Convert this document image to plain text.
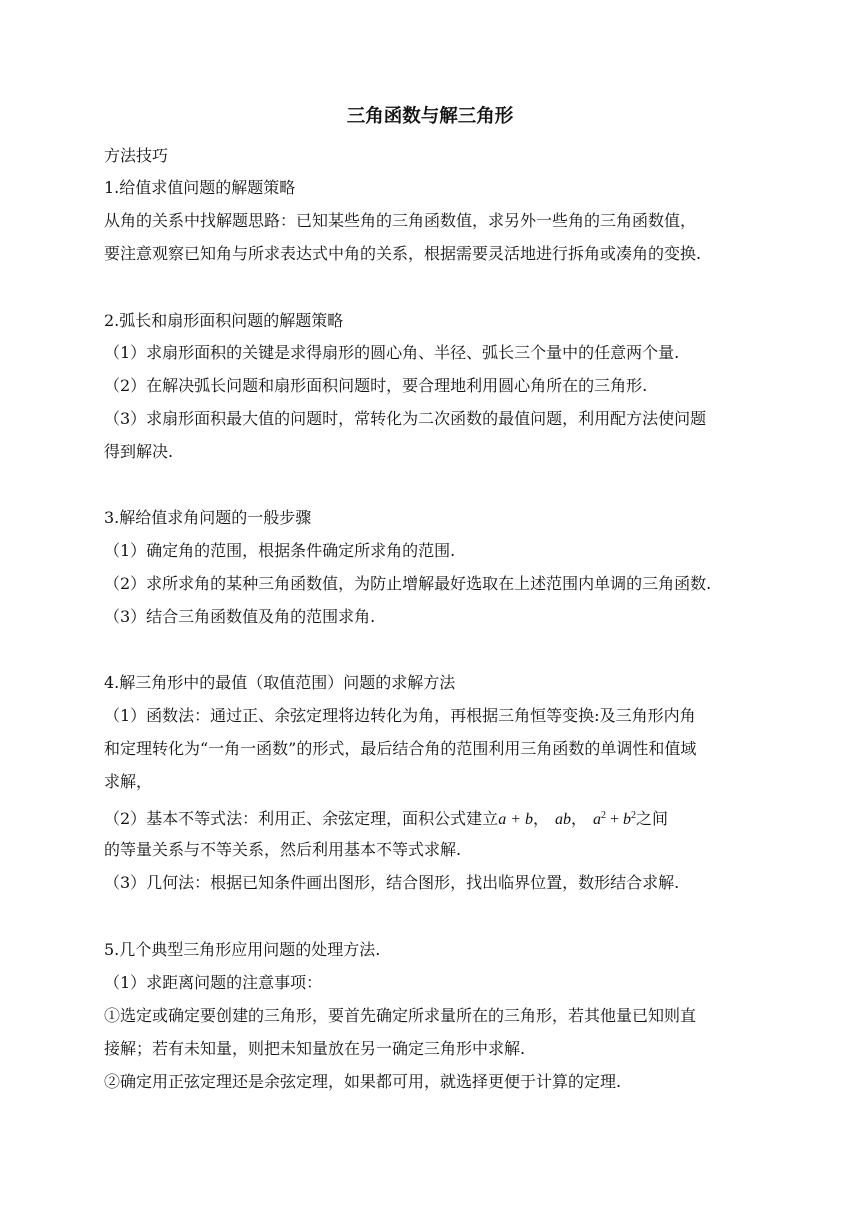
三角函数与解三角形

方法技巧

1.给值求值问题的解题策略

从角的关系中找解题思路：已知某些角的三角函数值，求另外一些角的三角函数值，

要注意观察已知角与所求表达式中角的关系，根据需要灵活地进行拆角或凑角的变换.

2.弧长和扇形面积问题的解题策略

（1）求扇形面积的关键是求得扇形的圆心角、半径、弧长三个量中的任意两个量.

（2）在解决弧长问题和扇形面积问题时，要合理地利用圆心角所在的三角形.

（3）求扇形面积最大值的问题时，常转化为二次函数的最值问题，利用配方法使问题

得到解决.

3.解给值求角问题的一般步骤

（1）确定角的范围，根据条件确定所求角的范围.

（2）求所求角的某种三角函数值，为防止增解最好选取在上述范围内单调的三角函数.

（3）结合三角函数值及角的范围求角.

4.解三角形中的最值（取值范围）问题的求解方法

（1）函数法：通过正、余弦定理将边转化为角，再根据三角恒等变换:及三角形内角

和定理转化为“一角一函数”的形式，最后结合角的范围利用三角函数的单调性和值域

求解，

（2）基本不等式法：利用正、余弦定理，面积公式建立a + b， ab， $a^2 + b^2$之间

的等量关系与不等关系，然后利用基本不等式求解.

（3）几何法：根据已知条件画出图形，结合图形，找出临界位置，数形结合求解.

5.几个典型三角形应用问题的处理方法.

（1）求距离问题的注意事项：

①选定或确定要创建的三角形，要首先确定所求量所在的三角形，若其他量已知则直

接解；若有未知量，则把未知量放在另一确定三角形中求解.

②确定用正弦定理还是余弦定理，如果都可用，就选择更便于计算的定理.
